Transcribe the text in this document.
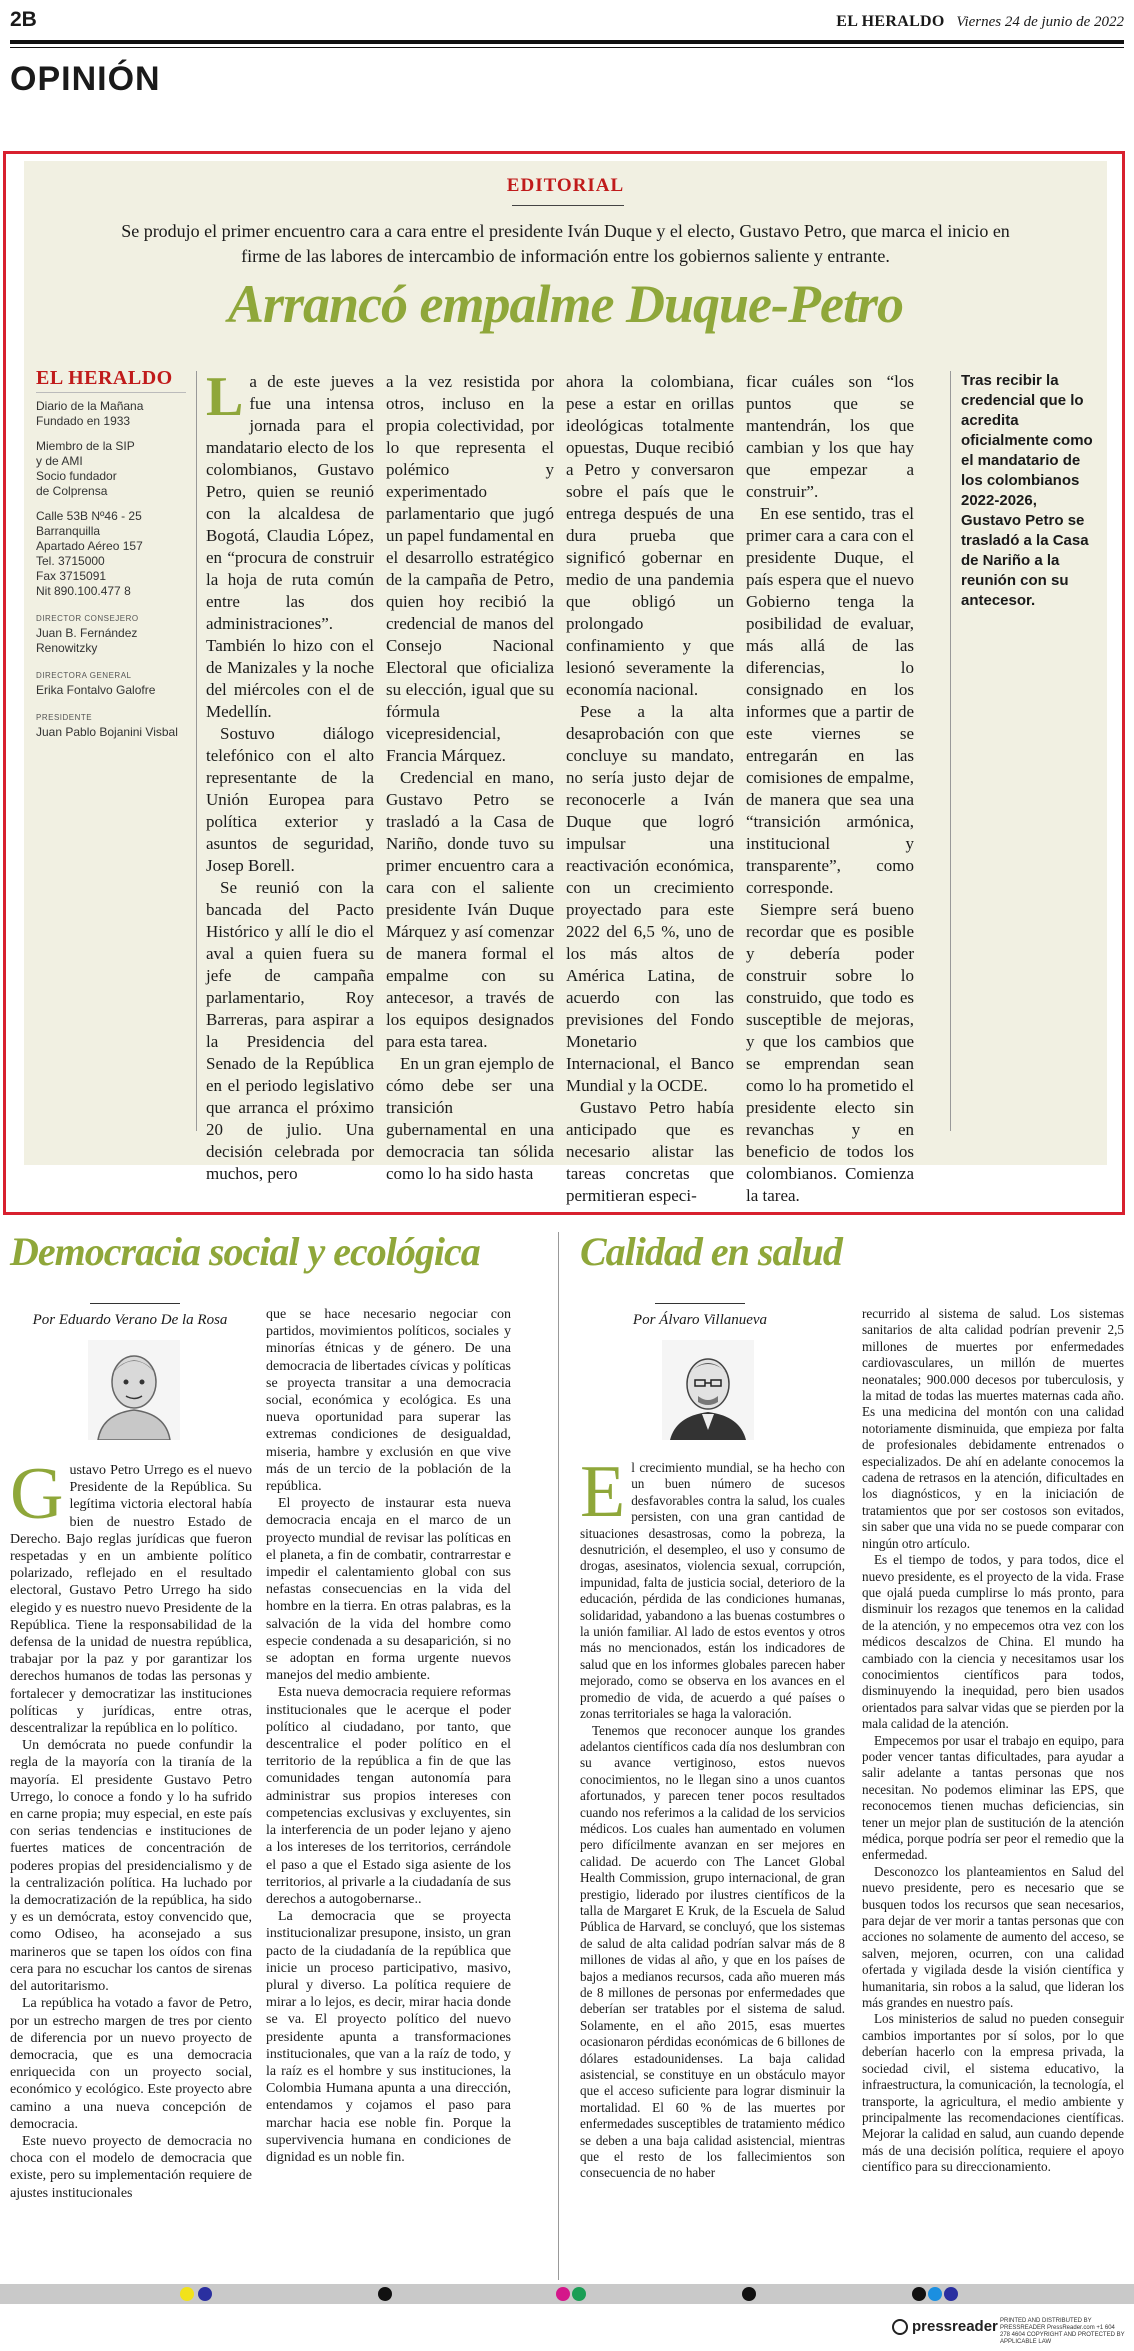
2B	EL HERALDO Viernes 24 de junio de 2022
OPINIÓN
EDITORIAL
Se produjo el primer encuentro cara a cara entre el presidente Iván Duque y el electo, Gustavo Petro, que marca el inicio en firme de las labores de intercambio de información entre los gobiernos saliente y entrante.
Arrancó empalme Duque-Petro
EL HERALDO
Diario de la Mañana
Fundado en 1933
Miembro de la SIP
y de AMI
Socio fundador
de Colprensa
Calle 53B Nº46 - 25
Barranquilla
Apartado Aéreo 157
Tel. 3715000
Fax 3715091
Nit 890.100.477 8
DIRECTOR CONSEJERO
Juan B. Fernández Renowitzky
DIRECTORA GENERAL
Erika Fontalvo Galofre
PRESIDENTE
Juan Pablo Bojanini Visbal

La de este jueves fue una intensa jornada para el mandatario electo de los colombianos, Gustavo Petro, quien se reunió con la alcaldesa de Bogotá, Claudia López, en “procura de construir la hoja de ruta común entre las dos administraciones”. También lo hizo con el de Manizales y la noche del miércoles con el de Medellín.

Sostuvo diálogo telefónico con el alto representante de la Unión Europea para política exterior y asuntos de seguridad, Josep Borell.

Se reunió con la bancada del Pacto Histórico y allí le dio el aval a quien fuera su jefe de campaña parlamentario, Roy Barreras, para aspirar a la Presidencia del Senado de la República en el periodo legislativo que arranca el próximo 20 de julio. Una decisión celebrada por muchos, pero

a la vez resistida por otros, incluso en la propia colectividad, por lo que representa el polémico y experimentado parlamentario que jugó un papel fundamental en el desarrollo estratégico de la campaña de Petro, quien hoy recibió la credencial de manos del Consejo Nacional Electoral que oficializa su elección, igual que su fórmula vicepresidencial, Francia Márquez.

Credencial en mano, Gustavo Petro se trasladó a la Casa de Nariño, donde tuvo su primer encuentro cara a cara con el saliente presidente Iván Duque Márquez y así comenzar de manera formal el empalme con su antecesor, a través de los equipos designados para esta tarea.

En un gran ejemplo de cómo debe ser una transición gubernamental en una democracia tan sólida como lo ha sido hasta

ahora la colombiana, pese a estar en orillas ideológicas totalmente opuestas, Duque recibió a Petro y conversaron sobre el país que le entrega después de una dura prueba que significó gobernar en medio de una pandemia que obligó un prolongado confinamiento y que lesionó severamente la economía nacional.

Pese a la alta desaprobación con que concluye su mandato, no sería justo dejar de reconocerle a Iván Duque que logró impulsar una reactivación económica, con un crecimiento proyectado para este 2022 del 6,5 %, uno de los más altos de América Latina, de acuerdo con las previsiones del Fondo Monetario Internacional, el Banco Mundial y la OCDE.

Gustavo Petro había anticipado que es necesario alistar las tareas concretas que permitieran especi-

ficar cuáles son “los puntos que se mantendrán, los que cambian y los que hay que empezar a construir”.

En ese sentido, tras el primer cara a cara con el presidente Duque, el país espera que el nuevo Gobierno tenga la posibilidad de evaluar, más allá de las diferencias, lo consignado en los informes que a partir de este viernes se entregarán en las comisiones de empalme, de manera que sea una “transición armónica, institucional y transparente”, como corresponde.

Siempre será bueno recordar que es posible y debería poder construir sobre lo construido, que todo es susceptible de mejoras, y que los cambios que se emprendan sean como lo ha prometido el presidente electo sin revanchas y en beneficio de todos los colombianos. Comienza la tarea.

Tras recibir la credencial que lo acredita oficialmente como el mandatario de los colombianos 2022-2026, Gustavo Petro se trasladó a la Casa de Nariño a la reunión con su antecesor.
Democracia social y ecológica
Por Eduardo Verano De la Rosa

Gustavo Petro Urrego es el nuevo Presidente de la República. Su legítima victoria electoral había bien de nuestro Estado de Derecho. Bajo reglas jurídicas que fueron respetadas y en un ambiente político polarizado, reflejado en el resultado electoral, Gustavo Petro Urrego ha sido elegido y es nuestro nuevo Presidente de la República. Tiene la responsabilidad de la defensa de la unidad de nuestra república, trabajar por la paz y por garantizar los derechos humanos de todas las personas y fortalecer y democratizar las instituciones políticas y jurídicas, entre otras, descentralizar la república en lo político.

Un demócrata no puede confundir la regla de la mayoría con la tiranía de la mayoría. El presidente Gustavo Petro Urrego, lo conoce a fondo y lo ha sufrido en carne propia; muy especial, en este país con serias tendencias e instituciones de fuertes matices de concentración de poderes propias del presidencialismo y de la centralización política. Ha luchado por la democratización de la república, ha sido y es un demócrata, estoy convencido que, como Odiseo, ha aconsejado a sus marineros que se tapen los oídos con fina cera para no escuchar los cantos de sirenas del autoritarismo.

La república ha votado a favor de Petro, por un estrecho margen de tres por ciento de diferencia por un nuevo proyecto de democracia, que es una democracia enriquecida con un proyecto social, económico y ecológico. Este proyecto abre camino a una nueva concepción de democracia.

Este nuevo proyecto de democracia no choca con el modelo de democracia que existe, pero su implementación requiere de ajustes institucionales

que se hace necesario negociar con partidos, movimientos políticos, sociales y minorías étnicas y de género. De una democracia de libertades cívicas y políticas se proyecta transitar a una democracia social, económica y ecológica. Es una nueva oportunidad para superar las extremas condiciones de desigualdad, miseria, hambre y exclusión en que vive más de un tercio de la población de la república.

El proyecto de instaurar esta nueva democracia encaja en el marco de un proyecto mundial de revisar las políticas en el planeta, a fin de combatir, contrarrestar e impedir el calentamiento global con sus nefastas consecuencias en la vida del hombre en la tierra. En otras palabras, es la salvación de la vida del hombre como especie condenada a su desaparición, si no se adoptan en forma urgente nuevos manejos del medio ambiente.

Esta nueva democracia requiere reformas institucionales que le acerque el poder político al ciudadano, por tanto, que descentralice el poder político en el territorio de la república a fin de que las comunidades tengan autonomía para administrar sus propios intereses con competencias exclusivas y excluyentes, sin la interferencia de un poder lejano y ajeno a los intereses de los territorios, cerrándole el paso a que el Estado siga asiente de los territorios, al privarle a la ciudadanía de sus derechos a autogobernarse..

La democracia que se proyecta institucionalizar presupone, insisto, un gran pacto de la ciudadanía de la república que inicie un proceso participativo, masivo, plural y diverso. La política requiere de mirar a lo lejos, es decir, mirar hacia donde se va. El proyecto político del nuevo presidente apunta a transformaciones institucionales, que van a la raíz de todo, y la raíz es el hombre y sus instituciones, la Colombia Humana apunta a una dirección, entendamos y cojamos el paso para marchar hacia ese noble fin. Porque la supervivencia humana en condiciones de dignidad es un noble fin.

Calidad en salud
Por Álvaro Villanueva

El crecimiento mundial, se ha hecho con un buen número de sucesos desfavorables contra la salud, los cuales persisten, con una gran cantidad de situaciones desastrosas, como la pobreza, la desnutrición, el desempleo, el uso y consumo de drogas, asesinatos, violencia sexual, corrupción, impunidad, falta de justicia social, deterioro de la educación, pérdida de las condiciones humanas, solidaridad, yabandono a las buenas costumbres o la unión familiar. Al lado de estos eventos y otros más no mencionados, están los indicadores de salud que en los informes globales parecen haber mejorado, como se observa en los avances en el promedio de vida, de acuerdo a qué países o zonas territoriales se haga la valoración.

Tenemos que reconocer aunque los grandes adelantos científicos cada día nos deslumbran con su avance vertiginoso, estos nuevos conocimientos, no le llegan sino a unos cuantos afortunados, y parecen tener pocos resultados cuando nos referimos a la calidad de los servicios médicos. Los cuales han aumentado en volumen pero difícilmente avanzan en ser mejores en calidad. De acuerdo con The Lancet Global Health Commission, grupo internacional, de gran prestigio, liderado por ilustres científicos de la talla de Margaret E Kruk, de la Escuela de Salud Pública de Harvard, se concluyó, que los sistemas de salud de alta calidad podrían salvar más de 8 millones de vidas al año, y que en los países de bajos a medianos recursos, cada año mueren más de 8 millones de personas por enfermedades que deberían ser tratables por el sistema de salud. Solamente, en el año 2015, esas muertes ocasionaron pérdidas económicas de 6 billones de dólares estadounidenses. La baja calidad asistencial, se constituye en un obstáculo mayor que el acceso suficiente para lograr disminuir la mortalidad. El 60 % de las muertes por enfermedades susceptibles de tratamiento médico se deben a una baja calidad asistencial, mientras que el resto de los fallecimientos son consecuencia de no haber

recurrido al sistema de salud. Los sistemas sanitarios de alta calidad podrían prevenir 2,5 millones de muertes por enfermedades cardiovasculares, un millón de muertes neonatales; 900.000 decesos por tuberculosis, y la mitad de todas las muertes maternas cada año. Es una medicina del montón con una calidad notoriamente disminuida, que empieza por falta de profesionales debidamente entrenados o especializados. De ahí en adelante conocemos la cadena de retrasos en la atención, dificultades en los diagnósticos, y en la iniciación de tratamientos que por ser costosos son evitados, sin saber que una vida no se puede comparar con ningún otro artículo.

Es el tiempo de todos, y para todos, dice el nuevo presidente, es el proyecto de la vida. Frase que ojalá pueda cumplirse lo más pronto, para disminuir los rezagos que tenemos en la calidad de la atención, y no empecemos otra vez con los médicos descalzos de China. El mundo ha cambiado con la ciencia y necesitamos usar los conocimientos científicos para todos, disminuyendo la inequidad, pero bien usados orientados para salvar vidas que se pierden por la mala calidad de la atención.

Empecemos por usar el trabajo en equipo, para poder vencer tantas dificultades, para ayudar a salir adelante a tantas personas que nos necesitan. No podemos eliminar las EPS, que reconocemos tienen muchas deficiencias, sin tener un mejor plan de sustitución de la atención médica, porque podría ser peor el remedio que la enfermedad.

Desconozco los planteamientos en Salud del nuevo presidente, pero es necesario que se busquen todos los recursos que sean necesarios, para dejar de ver morir a tantas personas que con acciones no solamente de aumento del acceso, se salven, mejoren, ocurren, con una calidad ofertada y vigilada desde la visión científica y humanitaria, sin robos a la salud, que lideran los más grandes en nuestro país.

Los ministerios de salud no pueden conseguir cambios importantes por sí solos, por lo que deberían hacerlo con la empresa privada, la sociedad civil, el sistema educativo, la infraestructura, la comunicación, la tecnología, el transporte, la agricultura, el medio ambiente y principalmente las recomendaciones científicas. Mejorar la calidad en salud, aun cuando depende más de una decisión política, requiere el apoyo científico para su direccionamiento.

pressreader PRINTED AND DISTRIBUTED BY PRESSREADER PressReader.com +1 604 278 4604 COPYRIGHT AND PROTECTED BY APPLICABLE LAW
